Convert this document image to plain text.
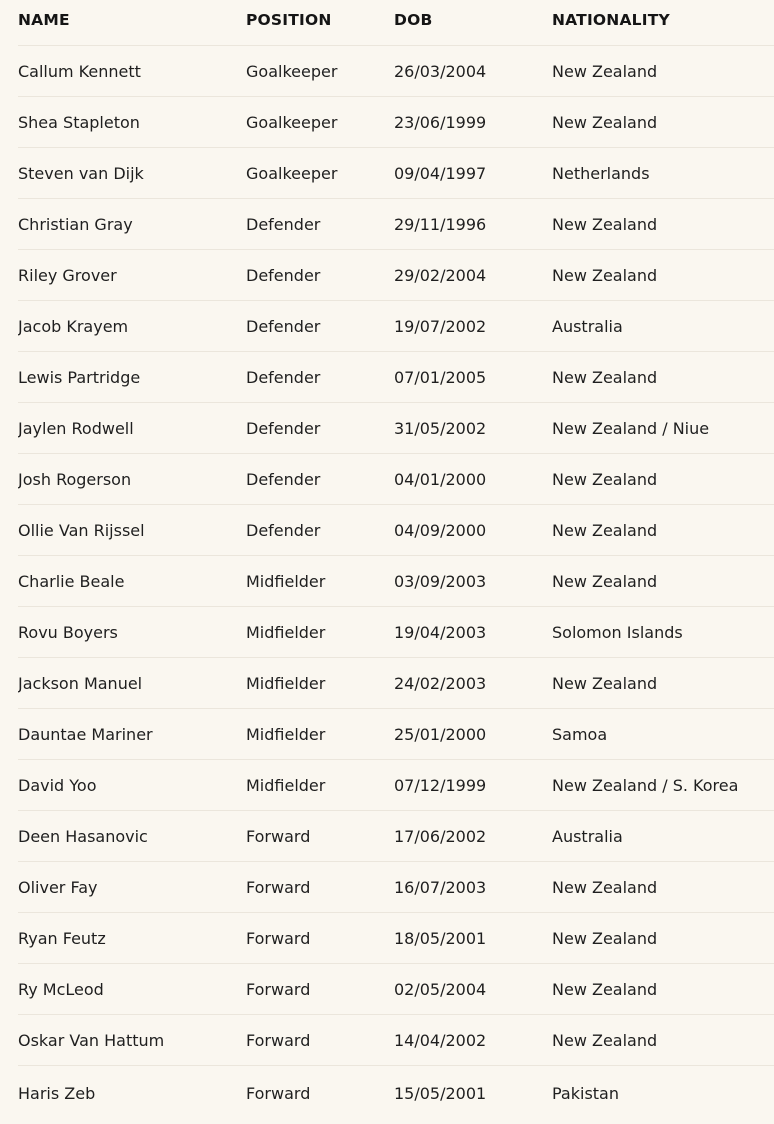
NAME	POSITION	DOB	NATIONALITY
Callum Kennett	Goalkeeper	26/03/2004	New Zealand
Shea Stapleton	Goalkeeper	23/06/1999	New Zealand
Steven van Dijk	Goalkeeper	09/04/1997	Netherlands
Christian Gray	Defender	29/11/1996	New Zealand
Riley Grover	Defender	29/02/2004	New Zealand
Jacob Krayem	Defender	19/07/2002	Australia
Lewis Partridge	Defender	07/01/2005	New Zealand
Jaylen Rodwell	Defender	31/05/2002	New Zealand / Niue
Josh Rogerson	Defender	04/01/2000	New Zealand
Ollie Van Rijssel	Defender	04/09/2000	New Zealand
Charlie Beale	Midfielder	03/09/2003	New Zealand
Rovu Boyers	Midfielder	19/04/2003	Solomon Islands
Jackson Manuel	Midfielder	24/02/2003	New Zealand
Dauntae Mariner	Midfielder	25/01/2000	Samoa
David Yoo	Midfielder	07/12/1999	New Zealand / S. Korea
Deen Hasanovic	Forward	17/06/2002	Australia
Oliver Fay	Forward	16/07/2003	New Zealand
Ryan Feutz	Forward	18/05/2001	New Zealand
Ry McLeod	Forward	02/05/2004	New Zealand
Oskar Van Hattum	Forward	14/04/2002	New Zealand
Haris Zeb	Forward	15/05/2001	Pakistan
